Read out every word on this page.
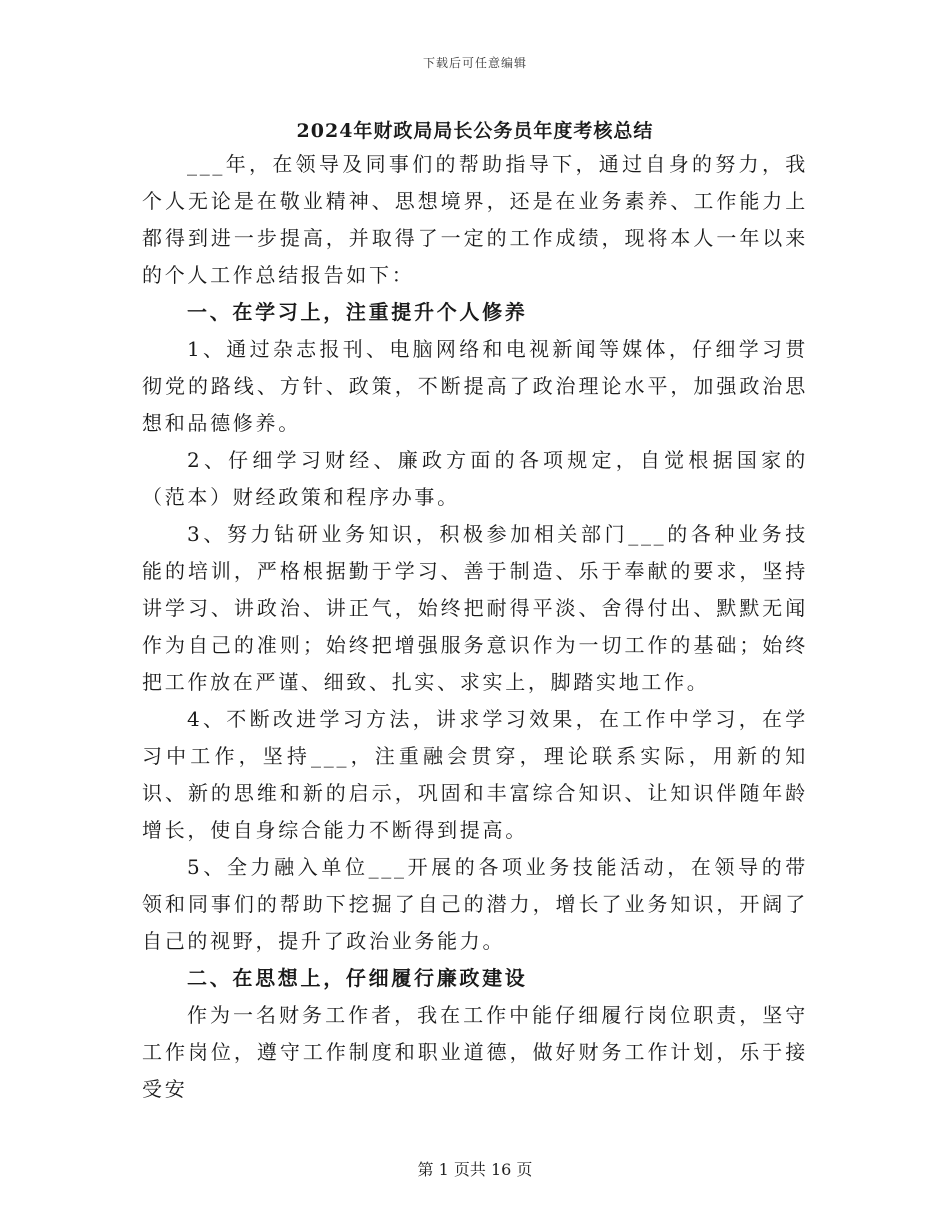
下载后可任意编辑
2024年财政局局长公务员年度考核总结

___年，在领导及同事们的帮助指导下，通过自身的努力，我个人无论是在敬业精神、思想境界，还是在业务素养、工作能力上都得到进一步提高，并取得了一定的工作成绩，现将本人一年以来的个人工作总结报告如下：

一、在学习上，注重提升个人修养

1、通过杂志报刊、电脑网络和电视新闻等媒体，仔细学习贯彻党的路线、方针、政策，不断提高了政治理论水平，加强政治思想和品德修养。

2、仔细学习财经、廉政方面的各项规定，自觉根据国家的（范本）财经政策和程序办事。

3、努力钻研业务知识，积极参加相关部门___的各种业务技能的培训，严格根据勤于学习、善于制造、乐于奉献的要求，坚持讲学习、讲政治、讲正气，始终把耐得平淡、舍得付出、默默无闻作为自己的准则；始终把增强服务意识作为一切工作的基础；始终把工作放在严谨、细致、扎实、求实上，脚踏实地工作。

4、不断改进学习方法，讲求学习效果，在工作中学习，在学习中工作，坚持___，注重融会贯穿，理论联系实际，用新的知识、新的思维和新的启示，巩固和丰富综合知识、让知识伴随年龄增长，使自身综合能力不断得到提高。

5、全力融入单位___开展的各项业务技能活动，在领导的带领和同事们的帮助下挖掘了自己的潜力，增长了业务知识，开阔了自己的视野，提升了政治业务能力。

二、在思想上，仔细履行廉政建设

作为一名财务工作者，我在工作中能仔细履行岗位职责，坚守工作岗位，遵守工作制度和职业道德，做好财务工作计划，乐于接受安

第 1 页共 16 页
